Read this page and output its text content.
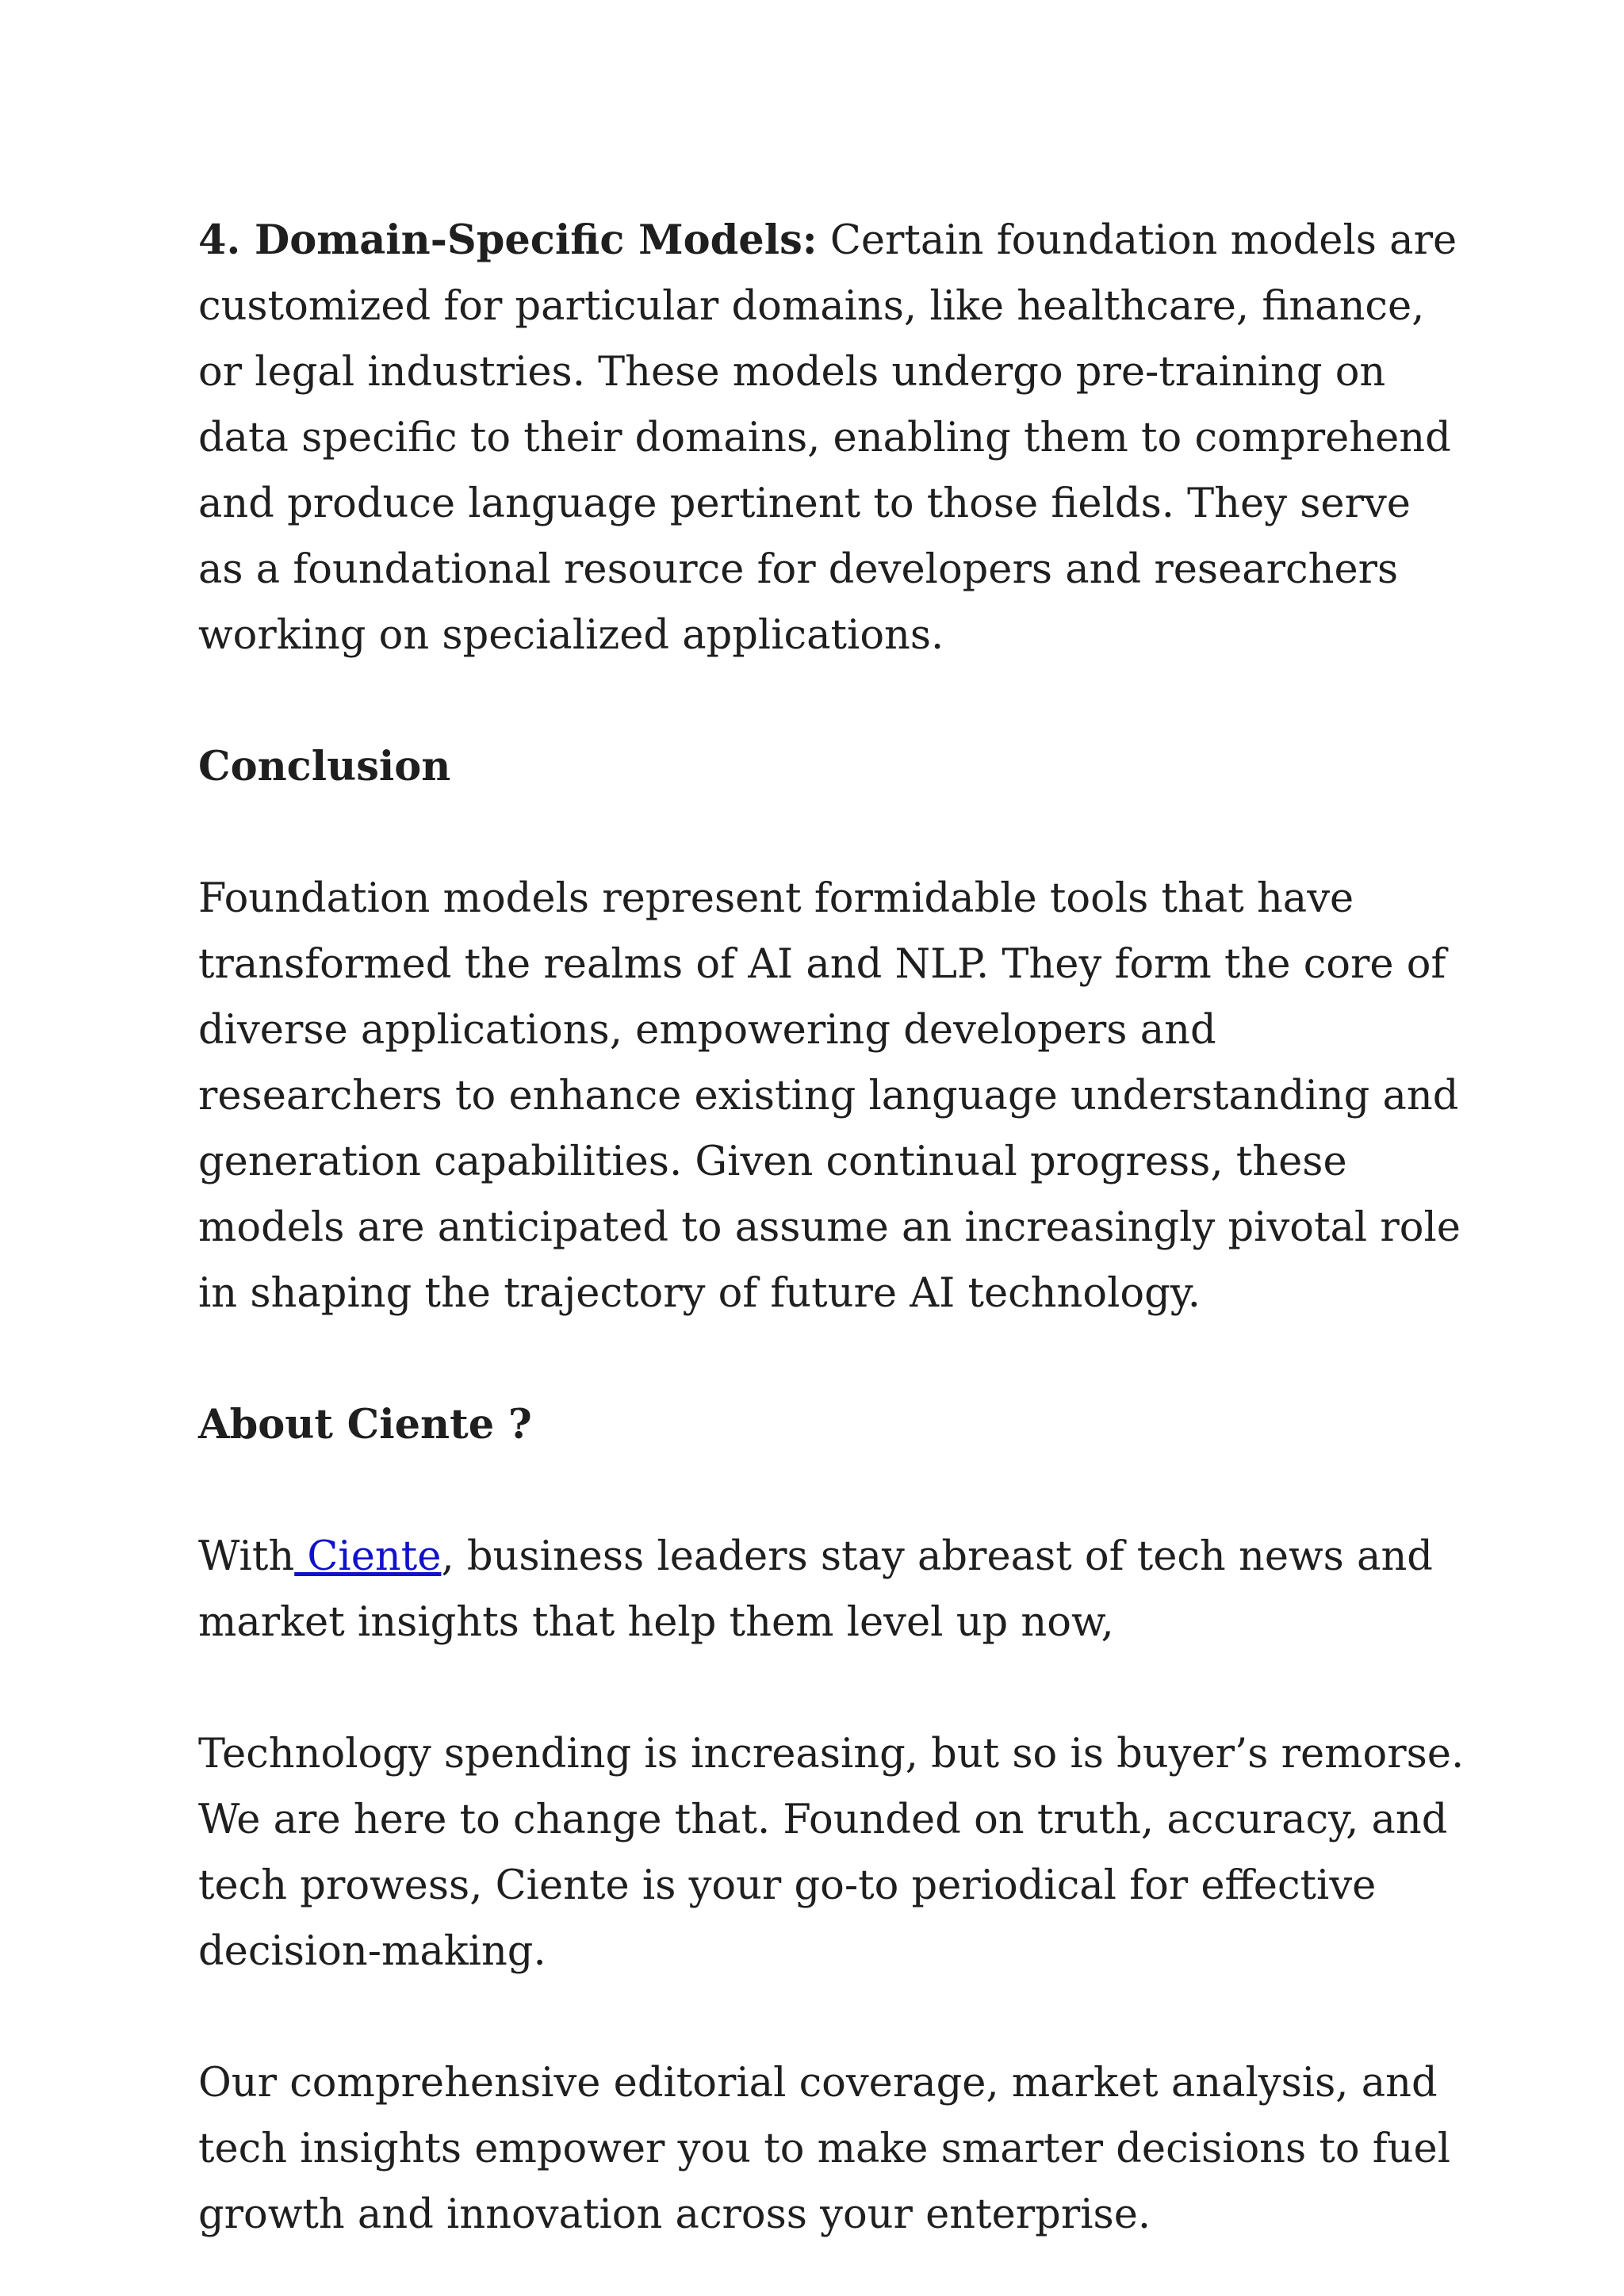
4. Domain-Specific Models: Certain foundation models are customized for particular domains, like healthcare, finance, or legal industries. These models undergo pre-training on data specific to their domains, enabling them to comprehend and produce language pertinent to those fields. They serve as a foundational resource for developers and researchers working on specialized applications.

Conclusion

Foundation models represent formidable tools that have transformed the realms of AI and NLP. They form the core of diverse applications, empowering developers and researchers to enhance existing language understanding and generation capabilities. Given continual progress, these models are anticipated to assume an increasingly pivotal role in shaping the trajectory of future AI technology.

About Ciente ?

With Ciente, business leaders stay abreast of tech news and market insights that help them level up now,

Technology spending is increasing, but so is buyer’s remorse. We are here to change that. Founded on truth, accuracy, and tech prowess, Ciente is your go-to periodical for effective decision-making.

Our comprehensive editorial coverage, market analysis, and tech insights empower you to make smarter decisions to fuel growth and innovation across your enterprise.
